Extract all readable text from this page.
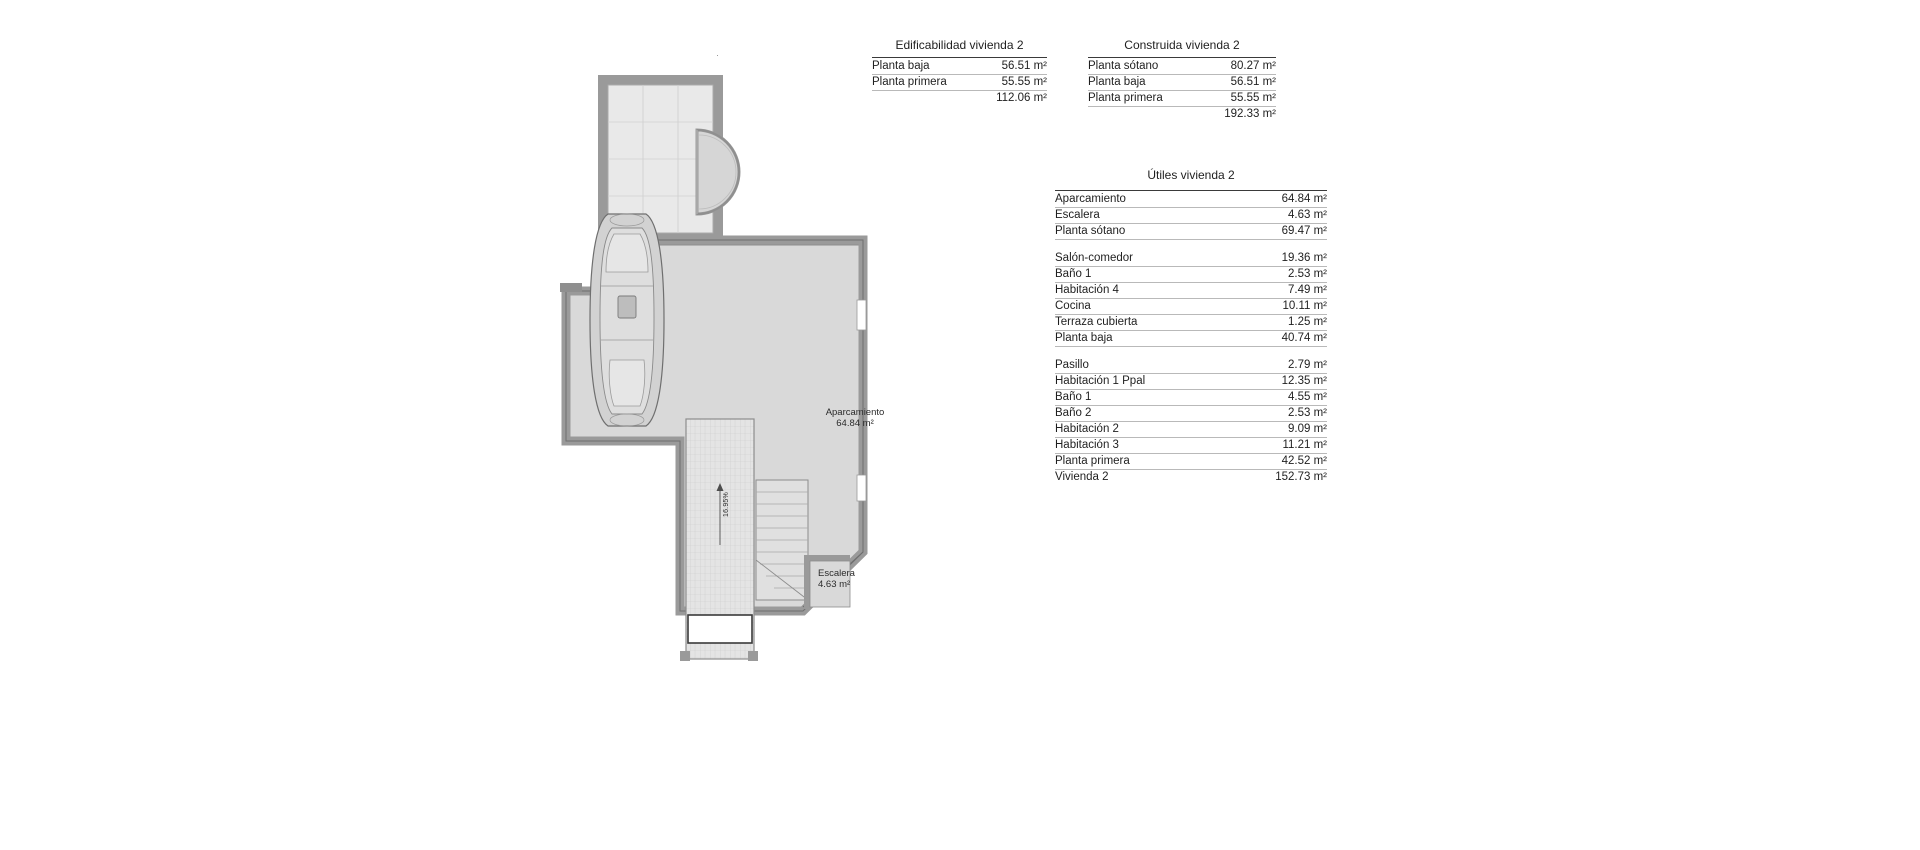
Aparcamiento
64.84 m²
Escalera
4.63 m²
16.95%
·
Edificabilidad vivienda 2
Planta baja	56.51 m²
Planta primera	55.55 m²
112.06 m²
Construida vivienda 2
Planta sótano	80.27 m²
Planta baja	56.51 m²
Planta primera	55.55 m²
192.33 m²
Útiles vivienda 2
Aparcamiento	64.84 m²
Escalera	4.63 m²
Planta sótano	69.47 m²
Salón-comedor	19.36 m²
Baño 1	2.53 m²
Habitación 4	7.49 m²
Cocina	10.11 m²
Terraza cubierta	1.25 m²
Planta baja	40.74 m²
Pasillo	2.79 m²
Habitación 1 Ppal	12.35 m²
Baño 1	4.55 m²
Baño 2	2.53 m²
Habitación 2	9.09 m²
Habitación 3	11.21 m²
Planta primera	42.52 m²
Vivienda 2	152.73 m²
